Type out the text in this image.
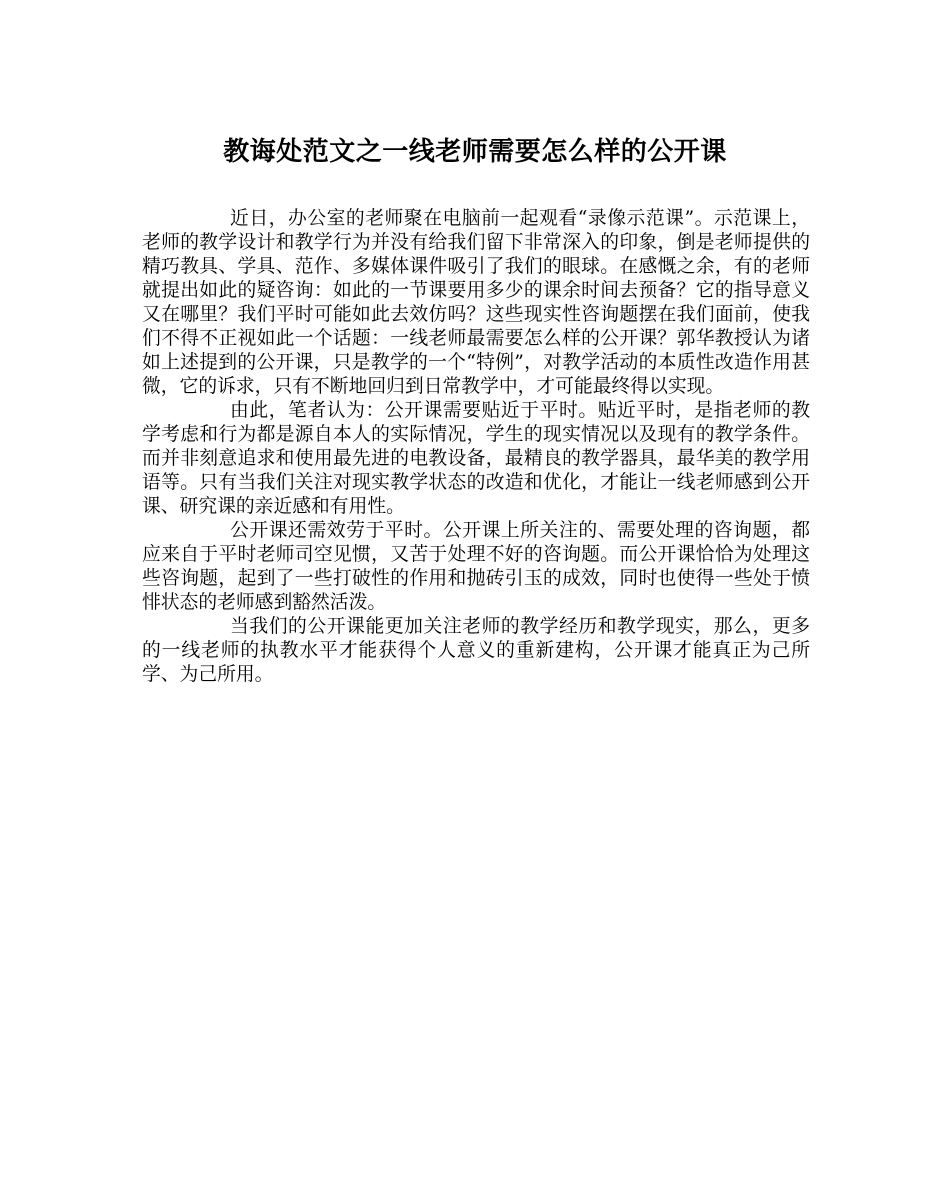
教诲处范文之一线老师需要怎么样的公开课

近日，办公室的老师聚在电脑前一起观看“录像示范课”。示范课上，老师的教学设计和教学行为并没有给我们留下非常深入的印象，倒是老师提供的精巧教具、学具、范作、多媒体课件吸引了我们的眼球。在感慨之余，有的老师就提出如此的疑咨询：如此的一节课要用多少的课余时间去预备？它的指导意义又在哪里？我们平时可能如此去效仿吗？这些现实性咨询题摆在我们面前，使我们不得不正视如此一个话题：一线老师最需要怎么样的公开课？郭华教授认为诸如上述提到的公开课，只是教学的一个“特例”，对教学活动的本质性改造作用甚微，它的诉求，只有不断地回归到日常教学中，才可能最终得以实现。

由此，笔者认为：公开课需要贴近于平时。贴近平时，是指老师的教学考虑和行为都是源自本人的实际情况，学生的现实情况以及现有的教学条件。而并非刻意追求和使用最先进的电教设备，最精良的教学器具，最华美的教学用语等。只有当我们关注对现实教学状态的改造和优化，才能让一线老师感到公开课、研究课的亲近感和有用性。

公开课还需效劳于平时。公开课上所关注的、需要处理的咨询题，都应来自于平时老师司空见惯，又苦于处理不好的咨询题。而公开课恰恰为处理这些咨询题，起到了一些打破性的作用和抛砖引玉的成效，同时也使得一些处于愤悱状态的老师感到豁然活泼。

当我们的公开课能更加关注老师的教学经历和教学现实，那么，更多的一线老师的执教水平才能获得个人意义的重新建构，公开课才能真正为己所学、为己所用。
